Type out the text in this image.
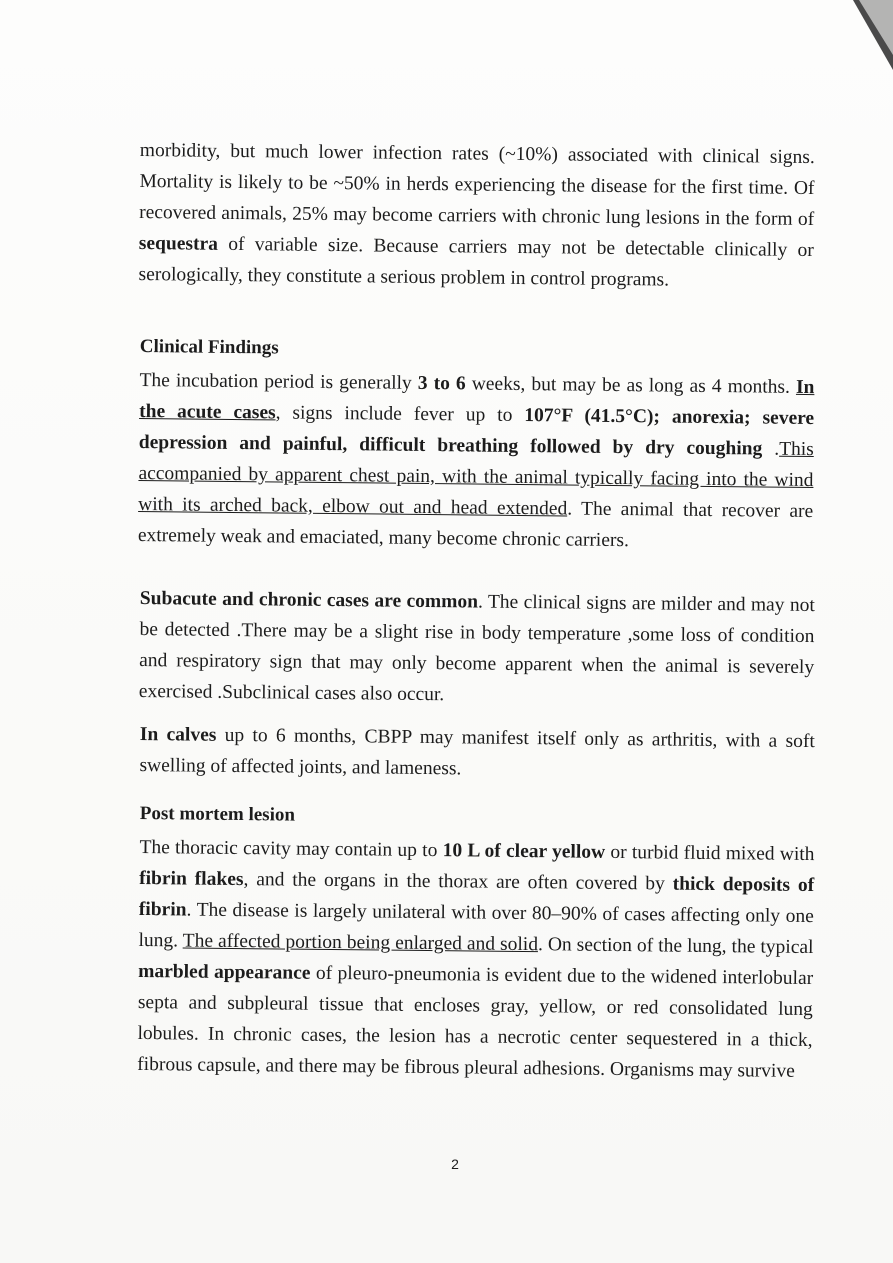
morbidity, but much lower infection rates (~10%) associated with clinical signs. Mortality is likely to be ~50% in herds experiencing the disease for the first time. Of recovered animals, 25% may become carriers with chronic lung lesions in the form of sequestra of variable size. Because carriers may not be detectable clinically or serologically, they constitute a serious problem in control programs.

Clinical Findings

The incubation period is generally 3 to 6 weeks, but may be as long as 4 months. In the acute cases, signs include fever up to 107°F (41.5°C); anorexia; severe depression and painful, difficult breathing followed by dry coughing .This accompanied by apparent chest pain, with the animal typically facing into the wind with its arched back, elbow out and head extended. The animal that recover are extremely weak and emaciated, many become chronic carriers.

Subacute and chronic cases are common. The clinical signs are milder and may not be detected .There may be a slight rise in body temperature ,some loss of condition and respiratory sign that may only become apparent when the animal is severely exercised .Subclinical cases also occur.

In calves up to 6 months, CBPP may manifest itself only as arthritis, with a soft swelling of affected joints, and lameness.

Post mortem lesion

The thoracic cavity may contain up to 10 L of clear yellow or turbid fluid mixed with fibrin flakes, and the organs in the thorax are often covered by thick deposits of fibrin. The disease is largely unilateral with over 80–90% of cases affecting only one lung. The affected portion being enlarged and solid. On section of the lung, the typical marbled appearance of pleuro-pneumonia is evident due to the widened interlobular septa and subpleural tissue that encloses gray, yellow, or red consolidated lung lobules. In chronic cases, the lesion has a necrotic center sequestered in a thick, fibrous capsule, and there may be fibrous pleural adhesions. Organisms may survive

2
